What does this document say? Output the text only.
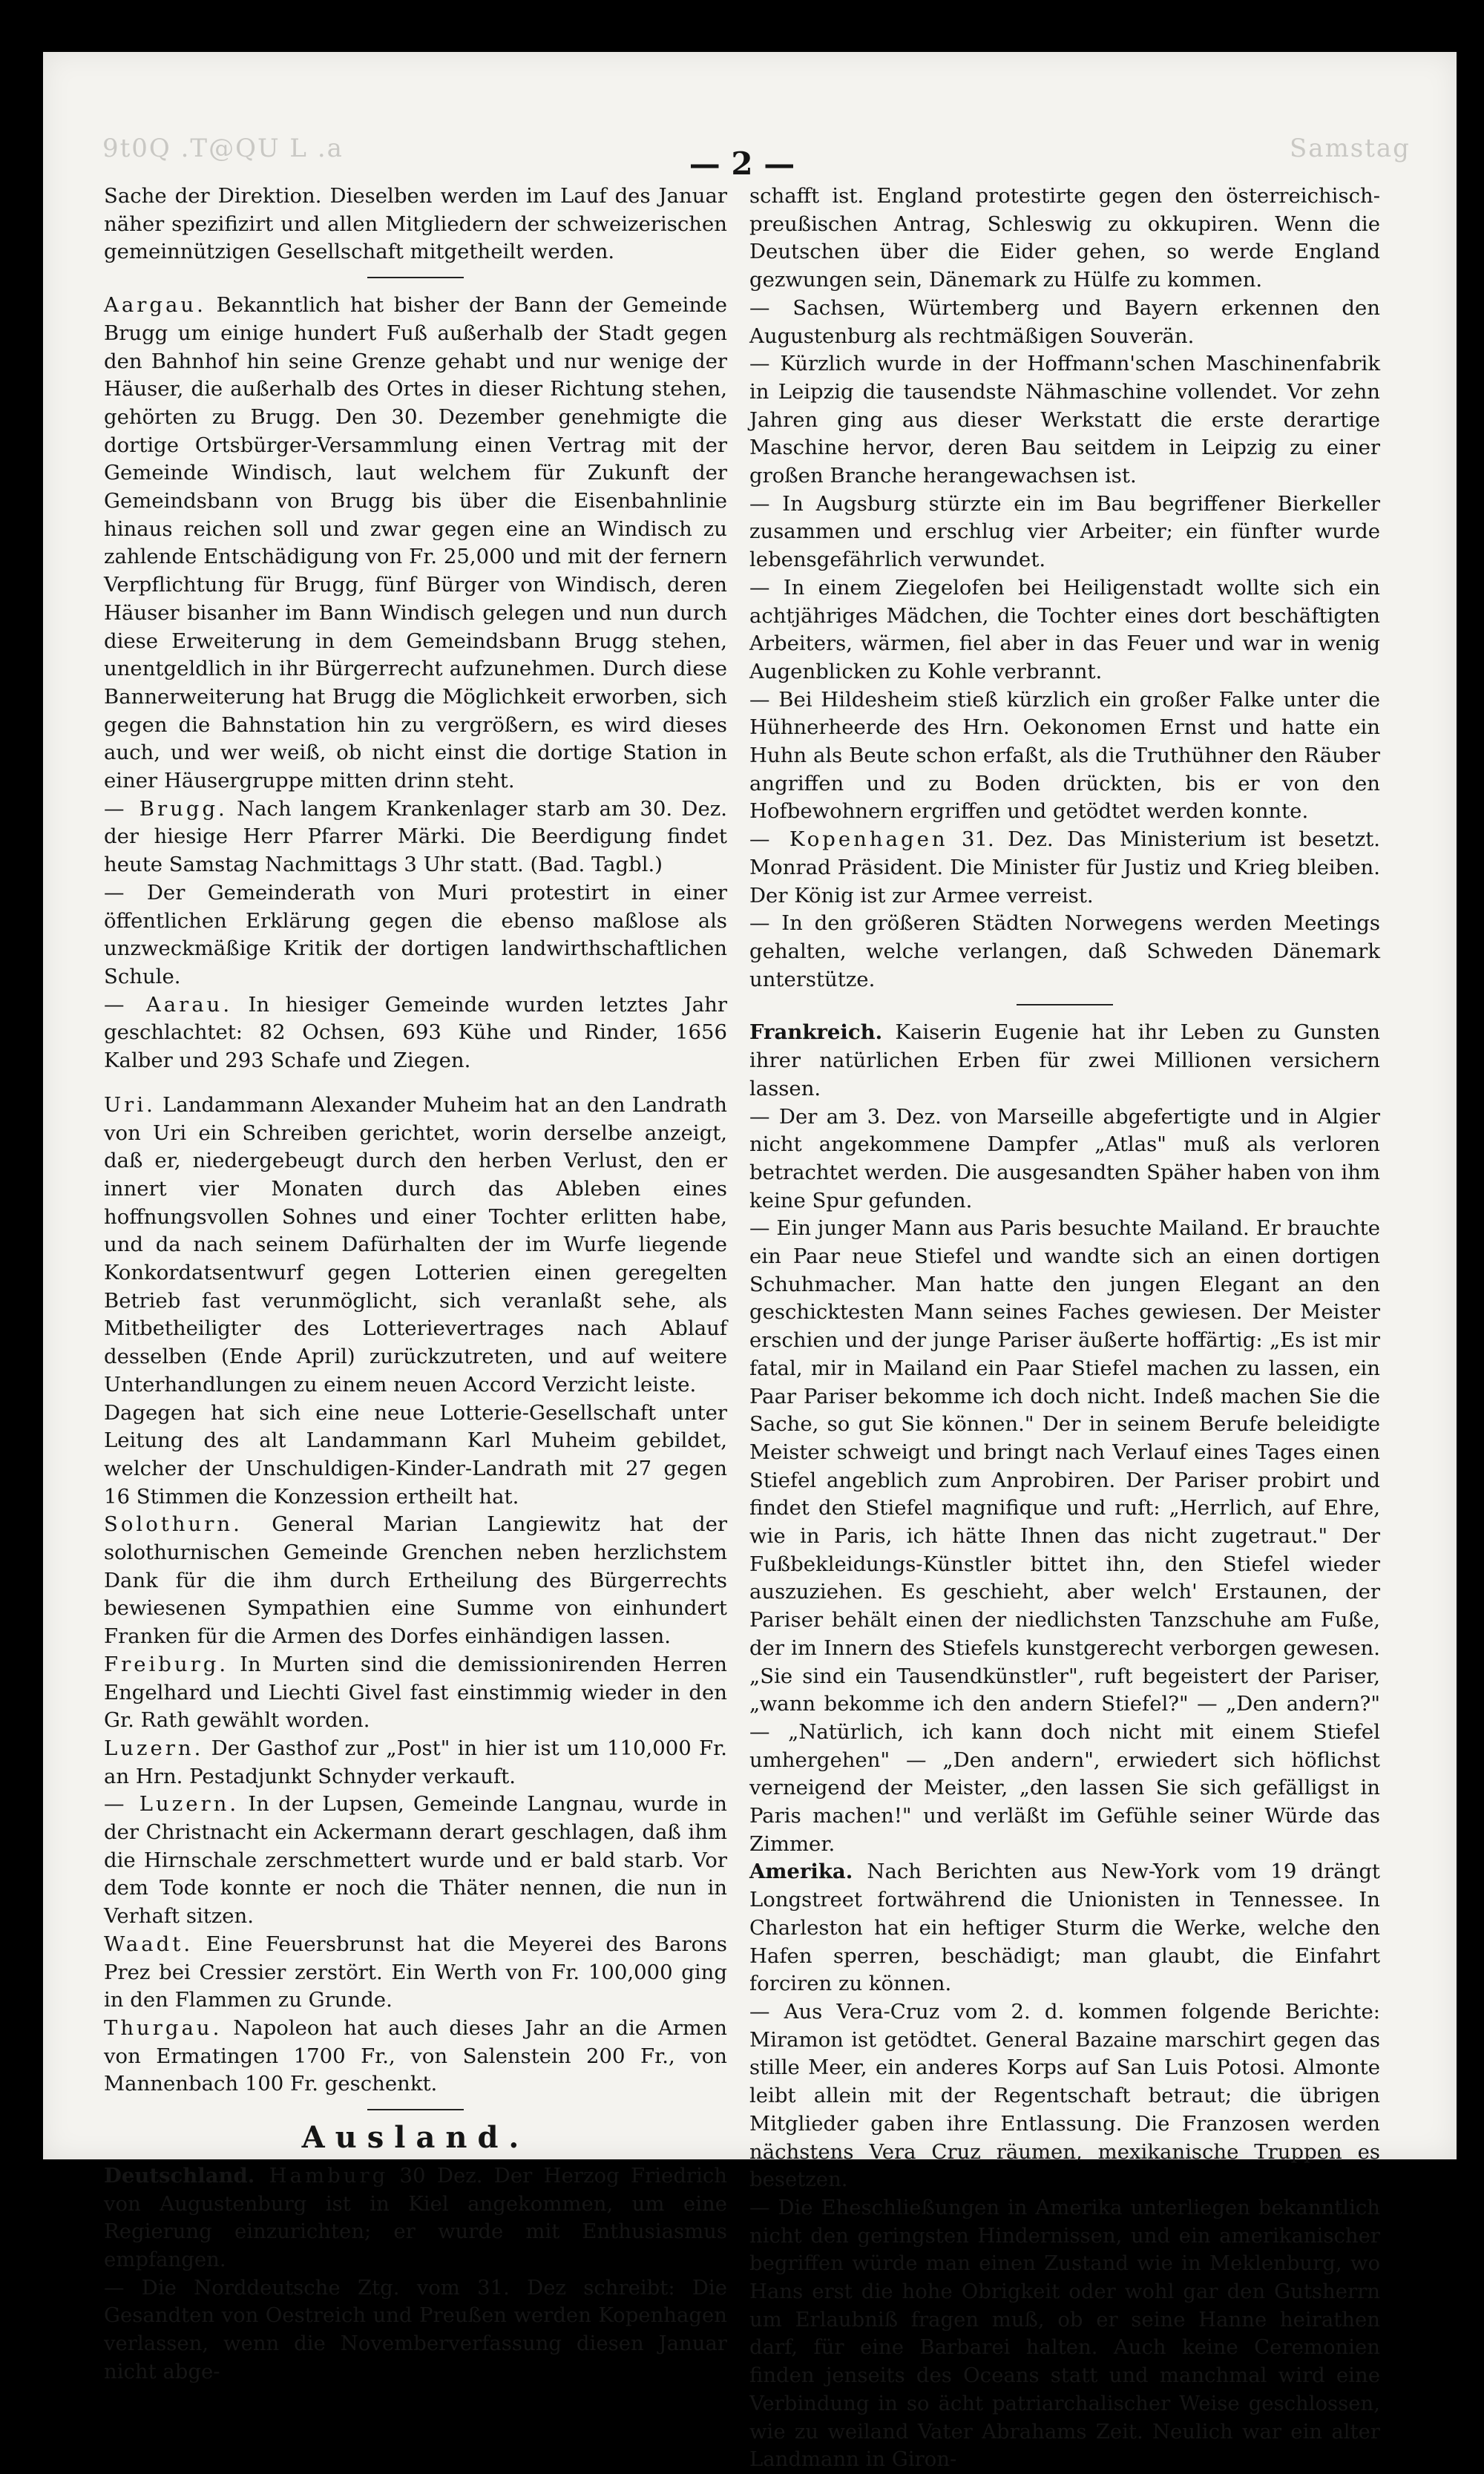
9t0Q .T@QU L .a	Samstag
— 2 —

Sache der Direktion. Dieselben werden im Lauf des Januar näher spezifizirt und allen Mitgliedern der schweizerischen gemeinnützigen Gesellschaft mitgetheilt werden.

Aargau. Bekanntlich hat bisher der Bann der Gemeinde Brugg um einige hundert Fuß außerhalb der Stadt gegen den Bahnhof hin seine Grenze gehabt und nur wenige der Häuser, die außerhalb des Ortes in dieser Richtung stehen, gehörten zu Brugg. Den 30. Dezember genehmigte die dortige Ortsbürger-Versammlung einen Vertrag mit der Gemeinde Windisch, laut welchem für Zukunft der Gemeindsbann von Brugg bis über die Eisenbahnlinie hinaus reichen soll und zwar gegen eine an Windisch zu zahlende Entschädigung von Fr. 25,000 und mit der fernern Verpflichtung für Brugg, fünf Bürger von Windisch, deren Häuser bisanher im Bann Windisch gelegen und nun durch diese Erweiterung in dem Gemeindsbann Brugg stehen, unentgeldlich in ihr Bürgerrecht aufzunehmen. Durch diese Bannerweiterung hat Brugg die Möglichkeit erworben, sich gegen die Bahnstation hin zu vergrößern, es wird dieses auch, und wer weiß, ob nicht einst die dortige Station in einer Häusergruppe mitten drinn steht.

— Brugg. Nach langem Krankenlager starb am 30. Dez. der hiesige Herr Pfarrer Märki. Die Beerdigung findet heute Samstag Nachmittags 3 Uhr statt. (Bad. Tagbl.)

— Der Gemeinderath von Muri protestirt in einer öffentlichen Erklärung gegen die ebenso maßlose als unzweckmäßige Kritik der dortigen landwirthschaftlichen Schule.

— Aarau. In hiesiger Gemeinde wurden letztes Jahr geschlachtet: 82 Ochsen, 693 Kühe und Rinder, 1656 Kalber und 293 Schafe und Ziegen.

Uri. Landammann Alexander Muheim hat an den Landrath von Uri ein Schreiben gerichtet, worin derselbe anzeigt, daß er, niedergebeugt durch den herben Verlust, den er innert vier Monaten durch das Ableben eines hoffnungsvollen Sohnes und einer Tochter erlitten habe, und da nach seinem Dafürhalten der im Wurfe liegende Konkordatsentwurf gegen Lotterien einen geregelten Betrieb fast verunmöglicht, sich veranlaßt sehe, als Mitbetheiligter des Lotterievertrages nach Ablauf desselben (Ende April) zurückzutreten, und auf weitere Unterhandlungen zu einem neuen Accord Verzicht leiste.

Dagegen hat sich eine neue Lotterie-Gesellschaft unter Leitung des alt Landammann Karl Muheim gebildet, welcher der Unschuldigen-Kinder-Landrath mit 27 gegen 16 Stimmen die Konzession ertheilt hat.

Solothurn. General Marian Langiewitz hat der solothurnischen Gemeinde Grenchen neben herzlichstem Dank für die ihm durch Ertheilung des Bürgerrechts bewiesenen Sympathien eine Summe von einhundert Franken für die Armen des Dorfes einhändigen lassen.

Freiburg. In Murten sind die demissionirenden Herren Engelhard und Liechti Givel fast einstimmig wieder in den Gr. Rath gewählt worden.

Luzern. Der Gasthof zur „Post" in hier ist um 110,000 Fr. an Hrn. Pestadjunkt Schnyder verkauft.

— Luzern. In der Lupsen, Gemeinde Langnau, wurde in der Christnacht ein Ackermann derart geschlagen, daß ihm die Hirnschale zerschmettert wurde und er bald starb. Vor dem Tode konnte er noch die Thäter nennen, die nun in Verhaft sitzen.

Waadt. Eine Feuersbrunst hat die Meyerei des Barons Prez bei Cressier zerstört. Ein Werth von Fr. 100,000 ging in den Flammen zu Grunde.

Thurgau. Napoleon hat auch dieses Jahr an die Armen von Ermatingen 1700 Fr., von Salenstein 200 Fr., von Mannenbach 100 Fr. geschenkt.

Ausland.

Deutschland. Hamburg 30 Dez. Der Herzog Friedrich von Augustenburg ist in Kiel angekommen, um eine Regierung einzurichten; er wurde mit Enthusiasmus empfangen.

— Die Norddeutsche Ztg. vom 31. Dez schreibt: Die Gesandten von Oestreich und Preußen werden Kopenhagen verlassen, wenn die Novemberverfassung diesen Januar nicht abge-

schafft ist. England protestirte gegen den österreichisch-preußischen Antrag, Schleswig zu okkupiren. Wenn die Deutschen über die Eider gehen, so werde England gezwungen sein, Dänemark zu Hülfe zu kommen.

— Sachsen, Würtemberg und Bayern erkennen den Augustenburg als rechtmäßigen Souverän.

— Kürzlich wurde in der Hoffmann'schen Maschinenfabrik in Leipzig die tausendste Nähmaschine vollendet. Vor zehn Jahren ging aus dieser Werkstatt die erste derartige Maschine hervor, deren Bau seitdem in Leipzig zu einer großen Branche herangewachsen ist.

— In Augsburg stürzte ein im Bau begriffener Bierkeller zusammen und erschlug vier Arbeiter; ein fünfter wurde lebensgefährlich verwundet.

— In einem Ziegelofen bei Heiligenstadt wollte sich ein achtjähriges Mädchen, die Tochter eines dort beschäftigten Arbeiters, wärmen, fiel aber in das Feuer und war in wenig Augenblicken zu Kohle verbrannt.

— Bei Hildesheim stieß kürzlich ein großer Falke unter die Hühnerheerde des Hrn. Oekonomen Ernst und hatte ein Huhn als Beute schon erfaßt, als die Truthühner den Räuber angriffen und zu Boden drückten, bis er von den Hofbewohnern ergriffen und getödtet werden konnte.

— Kopenhagen 31. Dez. Das Ministerium ist besetzt. Monrad Präsident. Die Minister für Justiz und Krieg bleiben. Der König ist zur Armee verreist.

— In den größeren Städten Norwegens werden Meetings gehalten, welche verlangen, daß Schweden Dänemark unterstütze.

Frankreich. Kaiserin Eugenie hat ihr Leben zu Gunsten ihrer natürlichen Erben für zwei Millionen versichern lassen.

— Der am 3. Dez. von Marseille abgefertigte und in Algier nicht angekommene Dampfer „Atlas" muß als verloren betrachtet werden. Die ausgesandten Späher haben von ihm keine Spur gefunden.

— Ein junger Mann aus Paris besuchte Mailand. Er brauchte ein Paar neue Stiefel und wandte sich an einen dortigen Schuhmacher. Man hatte den jungen Elegant an den geschicktesten Mann seines Faches gewiesen. Der Meister erschien und der junge Pariser äußerte hoffärtig: „Es ist mir fatal, mir in Mailand ein Paar Stiefel machen zu lassen, ein Paar Pariser bekomme ich doch nicht. Indeß machen Sie die Sache, so gut Sie können." Der in seinem Berufe beleidigte Meister schweigt und bringt nach Verlauf eines Tages einen Stiefel angeblich zum Anprobiren. Der Pariser probirt und findet den Stiefel magnifique und ruft: „Herrlich, auf Ehre, wie in Paris, ich hätte Ihnen das nicht zugetraut." Der Fußbekleidungs-Künstler bittet ihn, den Stiefel wieder auszuziehen. Es geschieht, aber welch' Erstaunen, der Pariser behält einen der niedlichsten Tanzschuhe am Fuße, der im Innern des Stiefels kunstgerecht verborgen gewesen. „Sie sind ein Tausendkünstler", ruft begeistert der Pariser, „wann bekomme ich den andern Stiefel?" — „Den andern?" — „Natürlich, ich kann doch nicht mit einem Stiefel umhergehen" — „Den andern", erwiedert sich höflichst verneigend der Meister, „den lassen Sie sich gefälligst in Paris machen!" und verläßt im Gefühle seiner Würde das Zimmer.

Amerika. Nach Berichten aus New-York vom 19 drängt Longstreet fortwährend die Unionisten in Tennessee. In Charleston hat ein heftiger Sturm die Werke, welche den Hafen sperren, beschädigt; man glaubt, die Einfahrt forciren zu können.

— Aus Vera-Cruz vom 2. d. kommen folgende Berichte: Miramon ist getödtet. General Bazaine marschirt gegen das stille Meer, ein anderes Korps auf San Luis Potosi. Almonte leibt allein mit der Regentschaft betraut; die übrigen Mitglieder gaben ihre Entlassung. Die Franzosen werden nächstens Vera Cruz räumen, mexikanische Truppen es besetzen.

— Die Eheschließungen in Amerika unterliegen bekanntlich nicht den geringsten Hindernissen, und ein amerikanischer begriffen würde man einen Zustand wie in Meklenburg, wo Hans erst die hohe Obrigkeit oder wohl gar den Gutsherrn um Erlaubniß fragen muß, ob er seine Hanne heirathen darf, für eine Barbarei halten. Auch keine Ceremonien finden jenseits des Oceans statt und manchmal wird eine Verbindung in so ächt patriarchalischer Weise geschlossen, wie zu weiland Vater Abrahams Zeit. Neulich war ein alter Landmann in Giron-
